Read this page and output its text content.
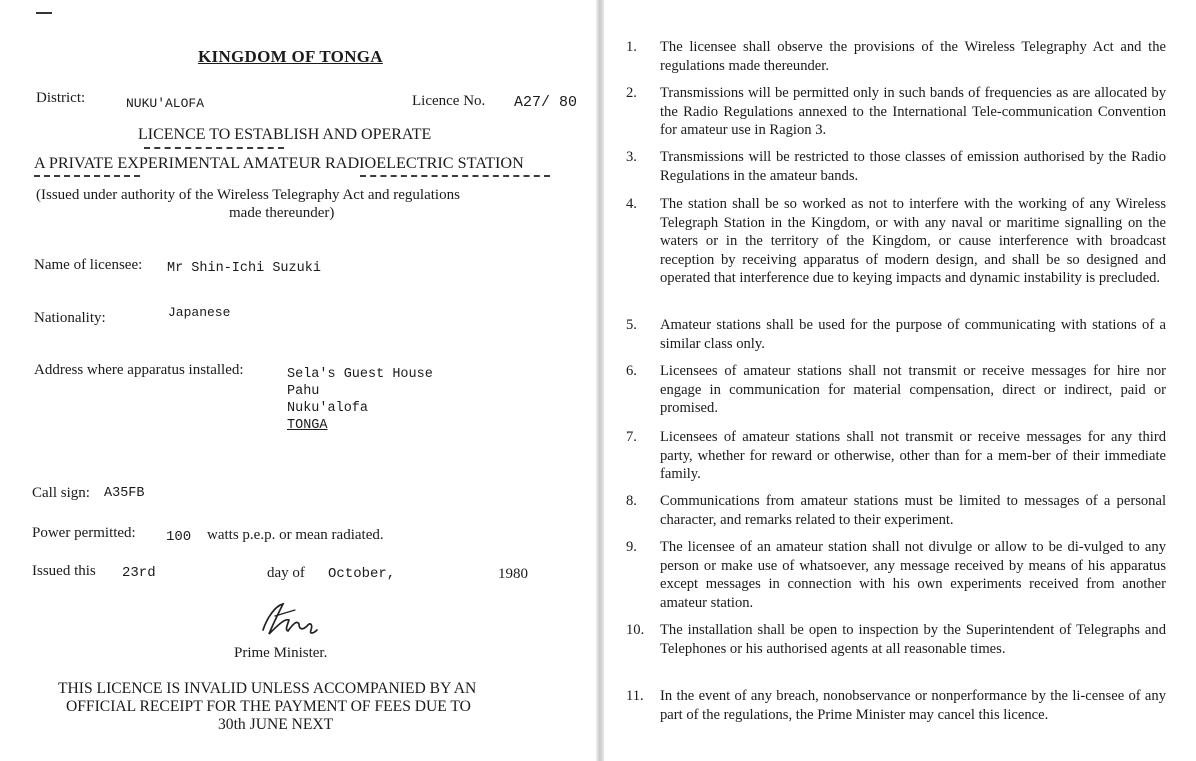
KINGDOM OF TONGA
District:	NUKU'ALOFA	Licence No. A27/ 80
LICENCE TO ESTABLISH AND OPERATE
A PRIVATE EXPERIMENTAL AMATEUR RADIOELECTRIC STATION
(Issued under authority of the Wireless Telegraphy Act and regulations
made thereunder)
Name of licensee: Mr Shin-Ichi Suzuki
Nationality:	Japanese
Address where apparatus installed:	Sela's Guest House
Pahu
Nuku'alofa
TONGA
Call sign: A35FB
Power permitted: 100 watts p.e.p. or mean radiated.
Issued this 23rd	day of October,	1980
Prime Minister.
THIS LICENCE IS INVALID UNLESS ACCOMPANIED BY AN
OFFICIAL RECEIPT FOR THE PAYMENT OF FEES DUE TO
30th JUNE NEXT
1.	The licensee shall observe the provisions of the Wireless Telegraphy Act and the regulations made thereunder.
2.	Transmissions will be permitted only in such bands of frequencies as are allocated by the Radio Regulations annexed to the International Tele-communication Convention for amateur use in Ragion 3.
3.	Transmissions will be restricted to those classes of emission authorised by the Radio Regulations in the amateur bands.
4.	The station shall be so worked as not to interfere with the working of any Wireless Telegraph Station in the Kingdom, or with any naval or maritime signalling on the waters or in the territory of the Kingdom, or cause interference with broadcast reception by receiving apparatus of modern design, and shall be so designed and operated that interference due to keying impacts and dynamic instability is precluded.
5.	Amateur stations shall be used for the purpose of communicating with stations of a similar class only.
6.	Licensees of amateur stations shall not transmit or receive messages for hire nor engage in communication for material compensation, direct or indirect, paid or promised.
7.	Licensees of amateur stations shall not transmit or receive messages for any third party, whether for reward or otherwise, other than for a mem-ber of their immediate family.
8.	Communications from amateur stations must be limited to messages of a personal character, and remarks related to their experiment.
9.	The licensee of an amateur station shall not divulge or allow to be di-vulged to any person or make use of whatsoever, any message received by means of his apparatus except messages in connection with his own experiments received from another amateur station.
10.	The installation shall be open to inspection by the Superintendent of Telegraphs and Telephones or his authorised agents at all reasonable times.
11.	In the event of any breach, nonobservance or nonperformance by the li-censee of any part of the regulations, the Prime Minister may cancel this licence.
